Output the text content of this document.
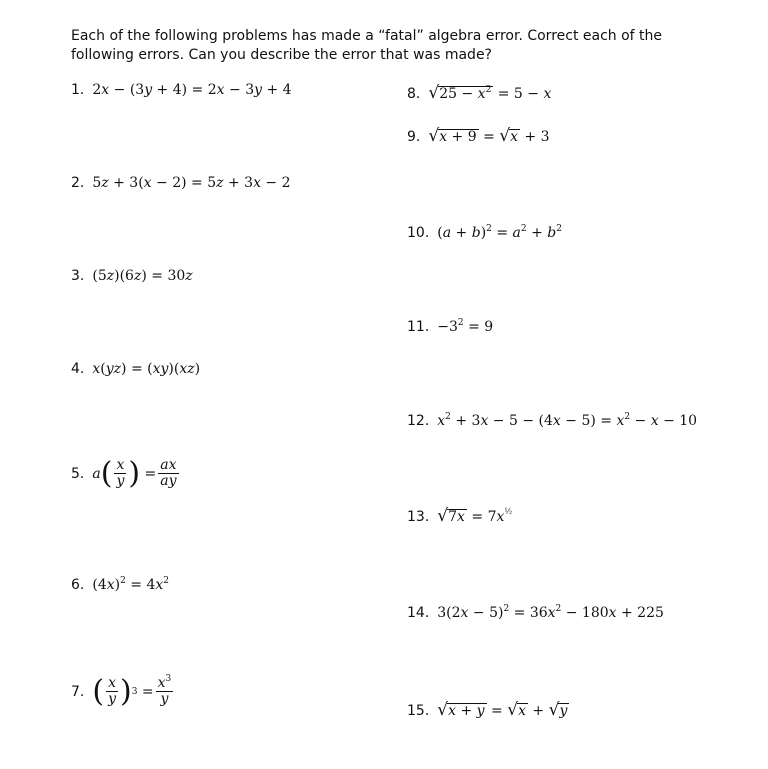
Each of the following problems has made a “fatal” algebra error. Correct each of the following errors. Can you describe the error that was made?
1. 2x − (3y + 4) = 2x − 3y + 4
2. 5z + 3(x − 2) = 5z + 3x − 2
3. (5z)(6z) = 30z
4. x(yz) = (xy)(xz)
5. a ( $\frac{x}{y}$ ) = $\frac{ax}{ay}$
6. $(4x)^2 = 4x^2$
7. ( $\frac{x}{y}$ ) $3 = \frac{x^3}{y}$
8. √ $25 - x^2 = 5 - x$
9. √ x + 9 = √ x + 3
10. $(a + b)^2 = a^2 + b^2$
11. $-3^2 = 9$
12. $x^2 + 3x - 5 - (4x - 5) = x^2 - x - 10$
13. √ $7x = 7x^{\frac{1}{2}}$
14. $3(2x - 5)^2 = 36x^2 - 180x + 225$
15. √ x + y = √ x + √ y
